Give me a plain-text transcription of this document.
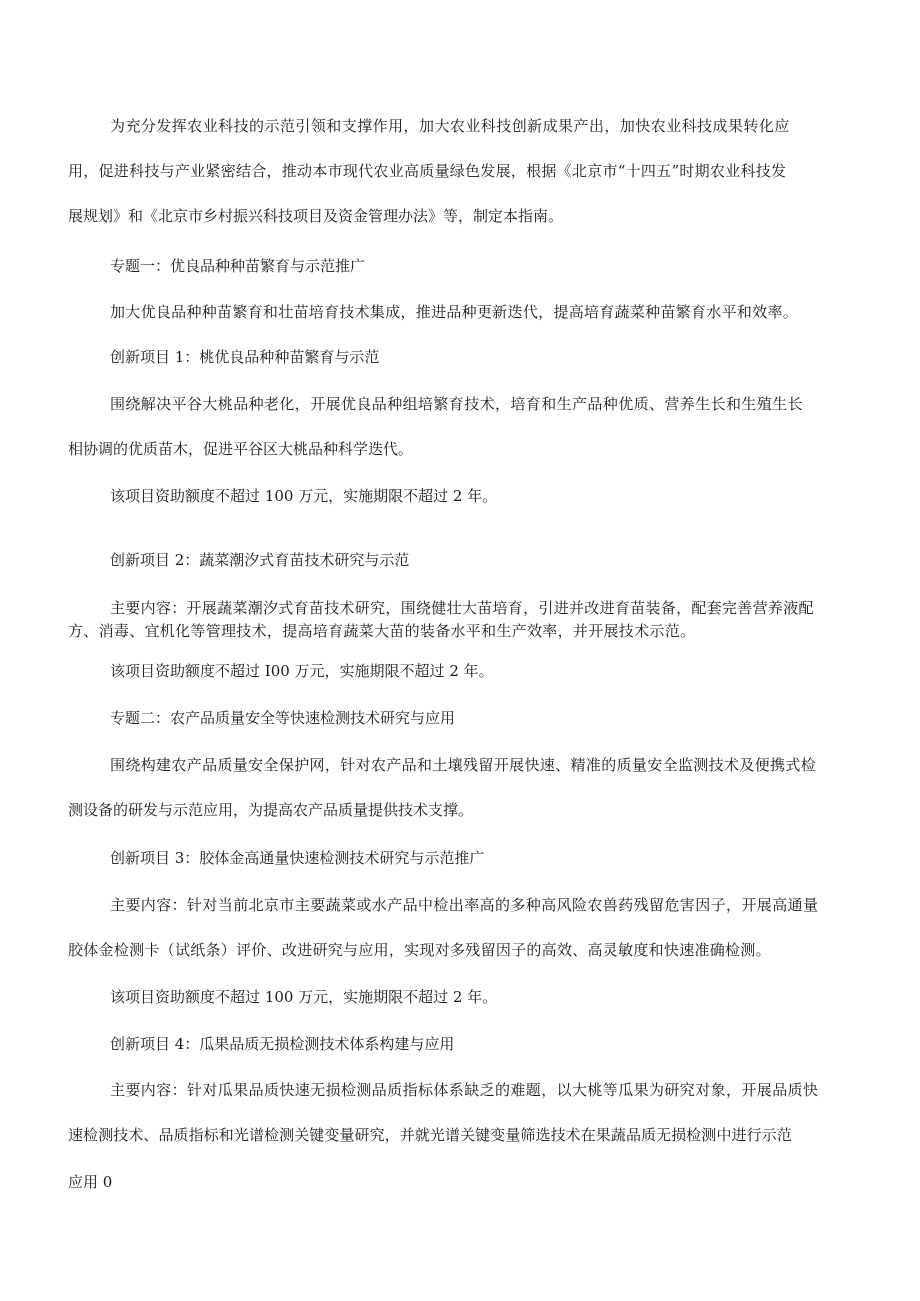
为充分发挥农业科技的示范引领和支撑作用，加大农业科技创新成果产出，加快农业科技成果转化应
用，促进科技与产业紧密结合，推动本市现代农业高质量绿色发展，根据《北京市“十四五”时期农业科技发
展规划》和《北京市乡村振兴科技项目及资金管理办法》等，制定本指南。
专题一：优良品种种苗繁育与示范推广
加大优良品种种苗繁育和壮苗培育技术集成，推进品种更新迭代，提高培育蔬菜种苗繁育水平和效率。
创新项目 1：桃优良品种种苗繁育与示范
围绕解决平谷大桃品种老化，开展优良品种组培繁育技术，培育和生产品种优质、营养生长和生殖生长
相协调的优质苗木，促进平谷区大桃品种科学迭代。
该项目资助额度不超过 100 万元，实施期限不超过 2 年。
创新项目 2：蔬菜潮汐式育苗技术研究与示范
主要内容：开展蔬菜潮汐式育苗技术研究，围绕健壮大苗培育，引进并改进育苗装备，配套完善营养液配
方、消毒、宜机化等管理技术，提高培育蔬菜大苗的装备水平和生产效率，并开展技术示范。
该项目资助额度不超过 I00 万元，实施期限不超过 2 年。
专题二：农产品质量安全等快速检测技术研究与应用
围绕构建农产品质量安全保护网，针对农产品和土壤残留开展快速、精准的质量安全监测技术及便携式检
测设备的研发与示范应用，为提高农产品质量提供技术支撑。
创新项目 3：胶体金高通量快速检测技术研究与示范推广
主要内容：针对当前北京市主要蔬菜或水产品中检出率高的多种高风险农兽药残留危害因子，开展高通量
胶体金检测卡（试纸条）评价、改进研究与应用，实现对多残留因子的高效、高灵敏度和快速准确检测。
该项目资助额度不超过 100 万元，实施期限不超过 2 年。
创新项目 4：瓜果品质无损检测技术体系构建与应用
主要内容：针对瓜果品质快速无损检测品质指标体系缺乏的难题，以大桃等瓜果为研究对象，开展品质快
速检测技术、品质指标和光谱检测关键变量研究，并就光谱关键变量筛选技术在果蔬品质无损检测中进行示范
应用 0
